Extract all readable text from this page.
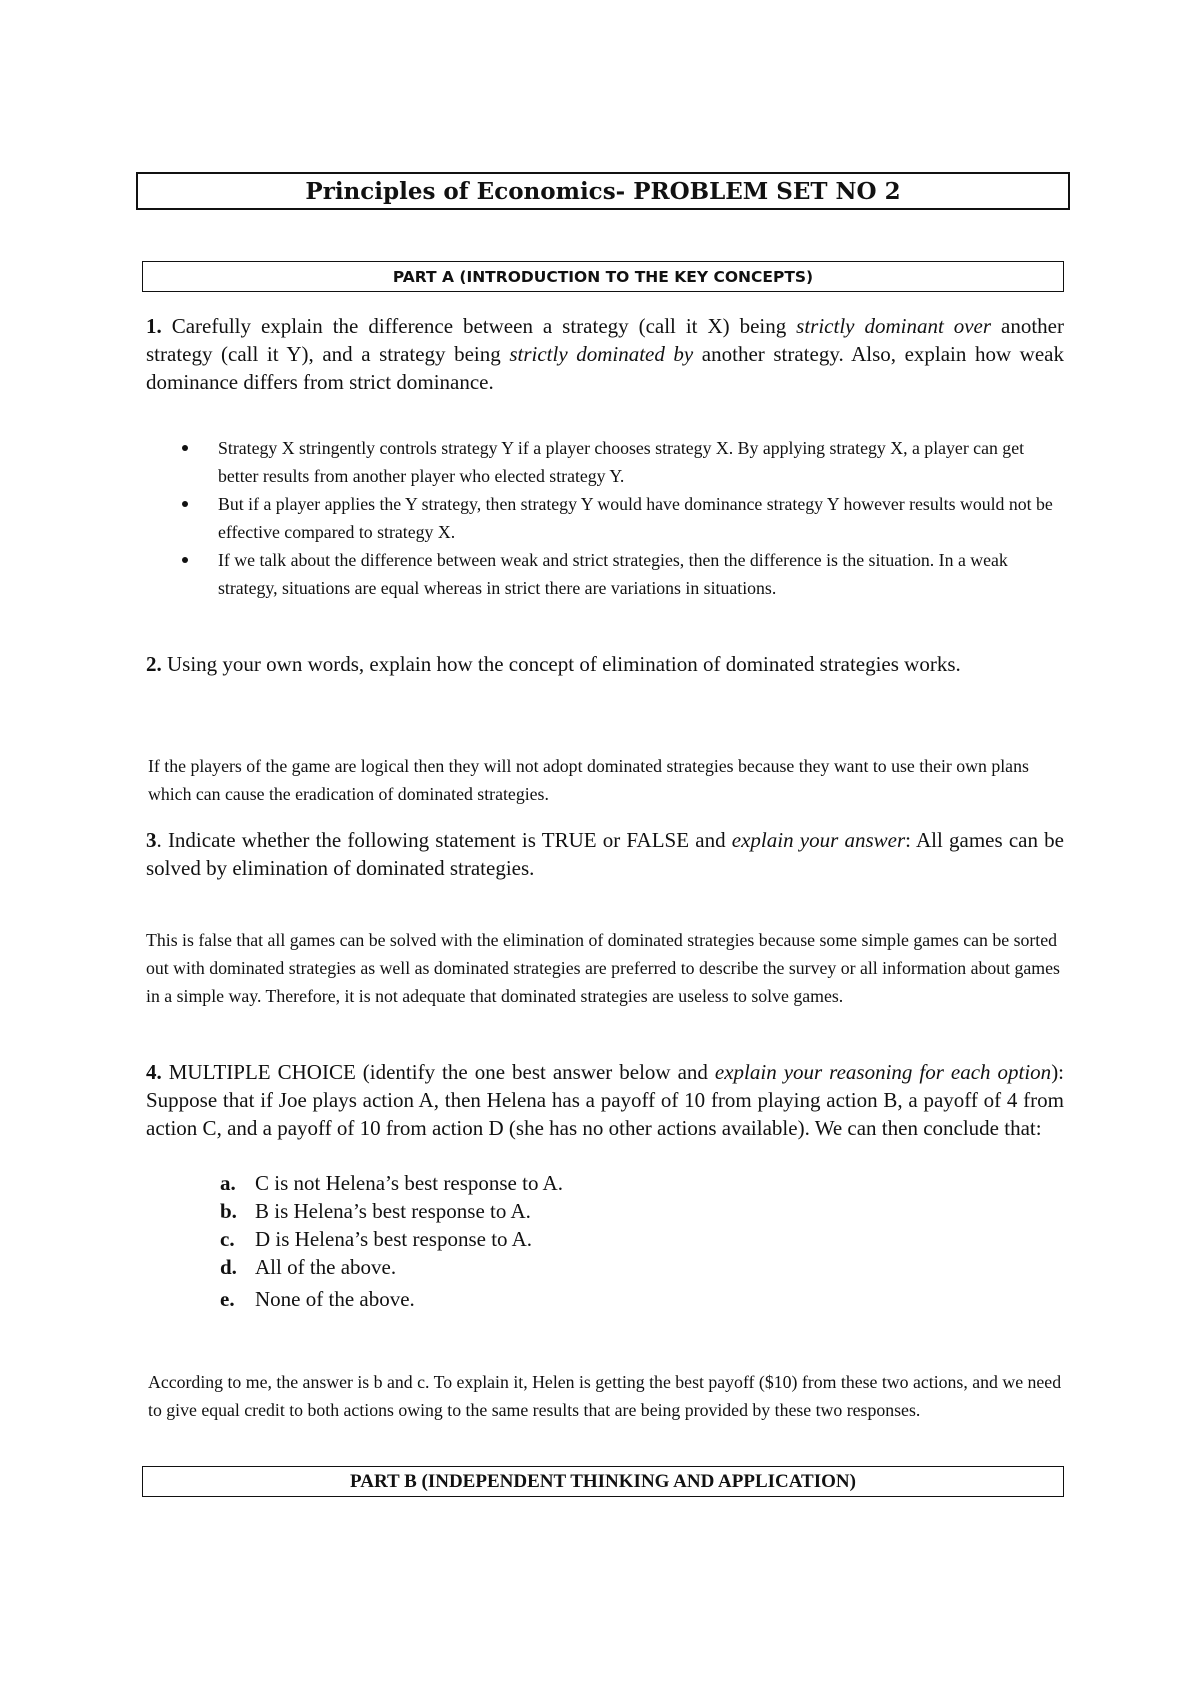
Principles of Economics- PROBLEM SET NO 2
PART A (INTRODUCTION TO THE KEY CONCEPTS)
1. Carefully explain the difference between a strategy (call it X) being strictly dominant over another strategy (call it Y), and a strategy being strictly dominated by another strategy. Also, explain how weak dominance differs from strict dominance.
Strategy X stringently controls strategy Y if a player chooses strategy X. By applying strategy X, a player can get better results from another player who elected strategy Y.
But if a player applies the Y strategy, then strategy Y would have dominance strategy Y however results would not be effective compared to strategy X.
If we talk about the difference between weak and strict strategies, then the difference is the situation. In a weak strategy, situations are equal whereas in strict there are variations in situations.
2. Using your own words, explain how the concept of elimination of dominated strategies works.
If the players of the game are logical then they will not adopt dominated strategies because they want to use their own plans which can cause the eradication of dominated strategies.
3. Indicate whether the following statement is TRUE or FALSE and explain your answer: All games can be solved by elimination of dominated strategies.
This is false that all games can be solved with the elimination of dominated strategies because some simple games can be sorted out with dominated strategies as well as dominated strategies are preferred to describe the survey or all information about games in a simple way. Therefore, it is not adequate that dominated strategies are useless to solve games.
4. MULTIPLE CHOICE (identify the one best answer below and explain your reasoning for each option): Suppose that if Joe plays action A, then Helena has a payoff of 10 from playing action B, a payoff of 4 from action C, and a payoff of 10 from action D (she has no other actions available). We can then conclude that:
a. C is not Helena’s best response to A.
b. B is Helena’s best response to A.
c. D is Helena’s best response to A.
d. All of the above.
e. None of the above.
According to me, the answer is b and c. To explain it, Helen is getting the best payoff ($10) from these two actions, and we need to give equal credit to both actions owing to the same results that are being provided by these two responses.
PART B (INDEPENDENT THINKING AND APPLICATION)
